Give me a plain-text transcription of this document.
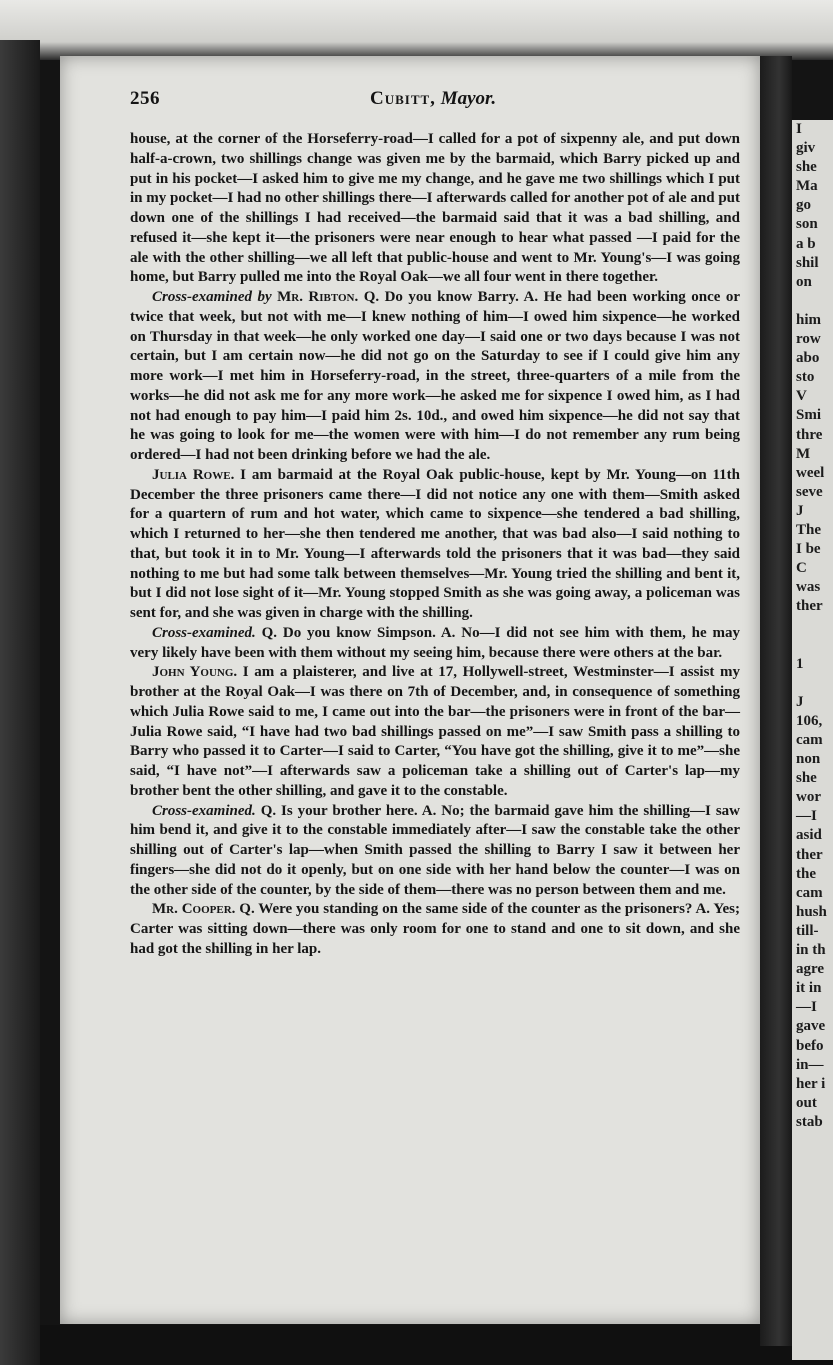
I
giv
she
Ma
go
son
a b
shil
on

him
row
abo
sto
V
Smi
thre
M
weel
seve
J
The
I be
C
was
ther

1

J
106,
cam
non
she
wor
—I
asid
ther
the
cam
hush
till-
in th
agre
it in
—I
gave
befo
in—
her i
out
stab
256	Cubitt, Mayor.

house, at the corner of the Horseferry-road—I called for a pot of sixpenny ale, and put down half-a-crown, two shillings change was given me by the barmaid, which Barry picked up and put in his pocket—I asked him to give me my change, and he gave me two shillings which I put in my pocket—I had no other shillings there—I afterwards called for another pot of ale and put down one of the shillings I had received—the barmaid said that it was a bad shilling, and refused it—she kept it—the prisoners were near enough to hear what passed —I paid for the ale with the other shilling—we all left that public-house and went to Mr. Young's—I was going home, but Barry pulled me into the Royal Oak—we all four went in there together.

Cross-examined by Mr. Ribton. Q. Do you know Barry. A. He had been working once or twice that week, but not with me—I knew nothing of him—I owed him sixpence—he worked on Thursday in that week—he only worked one day—I said one or two days because I was not certain, but I am certain now—he did not go on the Saturday to see if I could give him any more work—I met him in Horseferry-road, in the street, three-quarters of a mile from the works—he did not ask me for any more work—he asked me for sixpence I owed him, as I had not had enough to pay him—I paid him 2s. 10d., and owed him sixpence—he did not say that he was going to look for me—the women were with him—I do not remember any rum being ordered—I had not been drinking before we had the ale.

Julia Rowe. I am barmaid at the Royal Oak public-house, kept by Mr. Young—on 11th December the three prisoners came there—I did not notice any one with them—Smith asked for a quartern of rum and hot water, which came to sixpence—she tendered a bad shilling, which I returned to her—she then tendered me another, that was bad also—I said nothing to that, but took it in to Mr. Young—I afterwards told the prisoners that it was bad—they said nothing to me but had some talk between themselves—Mr. Young tried the shilling and bent it, but I did not lose sight of it—Mr. Young stopped Smith as she was going away, a policeman was sent for, and she was given in charge with the shilling.

Cross-examined. Q. Do you know Simpson. A. No—I did not see him with them, he may very likely have been with them without my seeing him, because there were others at the bar.

John Young. I am a plaisterer, and live at 17, Hollywell-street, Westminster—I assist my brother at the Royal Oak—I was there on 7th of December, and, in consequence of something which Julia Rowe said to me, I came out into the bar—the prisoners were in front of the bar—Julia Rowe said, “I have had two bad shillings passed on me”—I saw Smith pass a shilling to Barry who passed it to Carter—I said to Carter, “You have got the shilling, give it to me”—she said, “I have not”—I afterwards saw a policeman take a shilling out of Carter's lap—my brother bent the other shilling, and gave it to the constable.

Cross-examined. Q. Is your brother here. A. No; the barmaid gave him the shilling—I saw him bend it, and give it to the constable immediately after—I saw the constable take the other shilling out of Carter's lap—when Smith passed the shilling to Barry I saw it between her fingers—she did not do it openly, but on one side with her hand below the counter—I was on the other side of the counter, by the side of them—there was no person between them and me.

Mr. Cooper. Q. Were you standing on the same side of the counter as the prisoners? A. Yes; Carter was sitting down—there was only room for one to stand and one to sit down, and she had got the shilling in her lap.
